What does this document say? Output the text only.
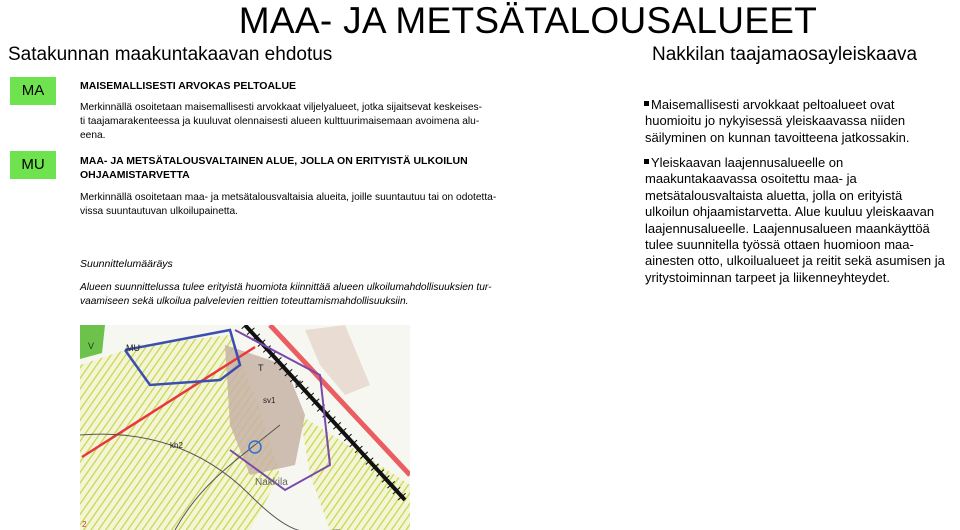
MAA- JA METSÄTALOUSALUEET
Satakunnan maakuntakaavan ehdotus	Nakkilan taajamaosayleiskaava
MA	MAISEMALLISESTI ARVOKAS PELTOALUE
Merkinnällä osoitetaan maisemallisesti arvokkaat viljelyalueet, jotka sijaitsevat keskeises-
ti taajamarakenteessa ja kuuluvat olennaisesti alueen kulttuurimaisemaan avoimena alu-
eena.
MU	MAA- JA METSÄTALOUSVALTAINEN ALUE, JOLLA ON ERITYISTÄ ULKOILUN
OHJAAMISTARVETTA
Merkinnällä osoitetaan maa- ja metsätalousvaltaisia alueita, joille suuntautuu tai on odotetta-
vissa suuntautuvan ulkoilupainetta.
Suunnittelumääräys
Alueen suunnittelussa tulee erityistä huomiota kiinnittää alueen ulkoilumahdollisuuksien tur-
vaamiseen sekä ulkoilua palvelevien reittien toteuttamismahdollisuuksiin.
Maisemallisesti arvokkaat peltoalueet ovat
huomioitu jo nykyisessä yleiskaavassa niiden
säilyminen on kunnan tavoitteena jatkossakin.
Yleiskaavan laajennusalueelle on
maakuntakaavassa osoitettu maa- ja
metsätalousvaltaista aluetta, jolla on erityistä
ulkoilun ohjaamistarvetta. Alue kuuluu yleiskaavan
laajennusalueelle. Laajennusalueen maankäyttöä
tulee suunnitella työssä ottaen huomioon maa-
ainesten otto, ulkoilualueet ja reitit sekä asumisen ja
yritystoiminnan tarpeet ja liikenneyhteydet.
V	MU
T
t1
sv1
kh2
Nakkila
2
